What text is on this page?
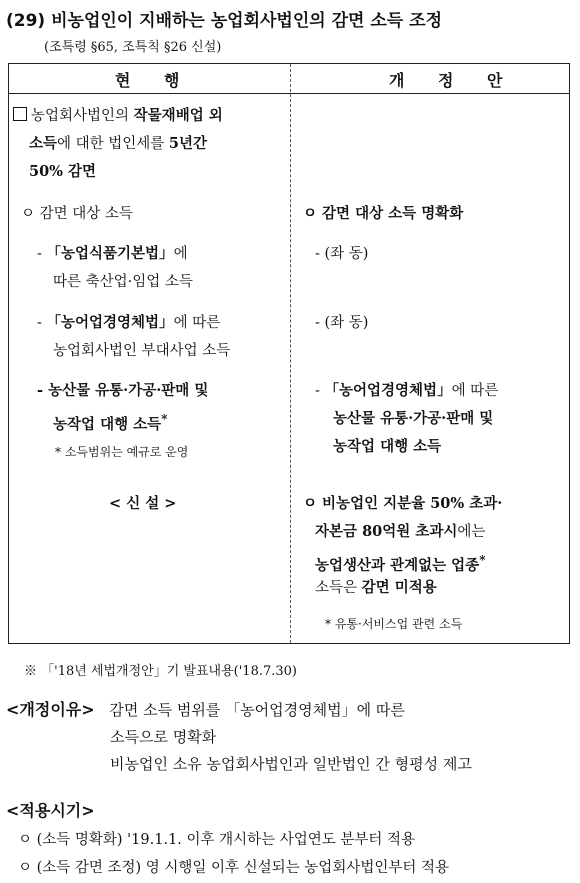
(29) 비농업인이 지배하는 농업회사법인의 감면 소득 조정
(조특령 §65, 조특칙 §26 신설)
현 행	개 정 안
농업회사법인의 작물재배업 외
소득에 대한 법인세를 5년간
50% 감면
ㅇ 감면 대상 소득
- 「농업식품기본법」에
따른 축산업·임업 소득
- 「농어업경영체법」에 따른
농업회사법인 부대사업 소득
- 농산물 유통·가공·판매 및
농작업 대행 소득*
* 소득범위는 예규로 운영
< 신 설 >
ㅇ 감면 대상 소득 명확화
- (좌 동)
- (좌 동)
- 「농어업경영체법」에 따른
농산물 유통·가공·판매 및
농작업 대행 소득
ㅇ 비농업인 지분율 50% 초과·
자본금 80억원 초과시에는
농업생산과 관계없는 업종*
소득은 감면 미적용
* 유통·서비스업 관련 소득
※ 「'18년 세법개정안」기 발표내용('18.7.30)
<개정이유> 감면 소득 범위를 「농어업경영체법」에 따른
소득으로 명확화
비농업인 소유 농업회사법인과 일반법인 간 형평성 제고
<적용시기>
ㅇ (소득 명확화) '19.1.1. 이후 개시하는 사업연도 분부터 적용
ㅇ (소득 감면 조정) 영 시행일 이후 신설되는 농업회사법인부터 적용
